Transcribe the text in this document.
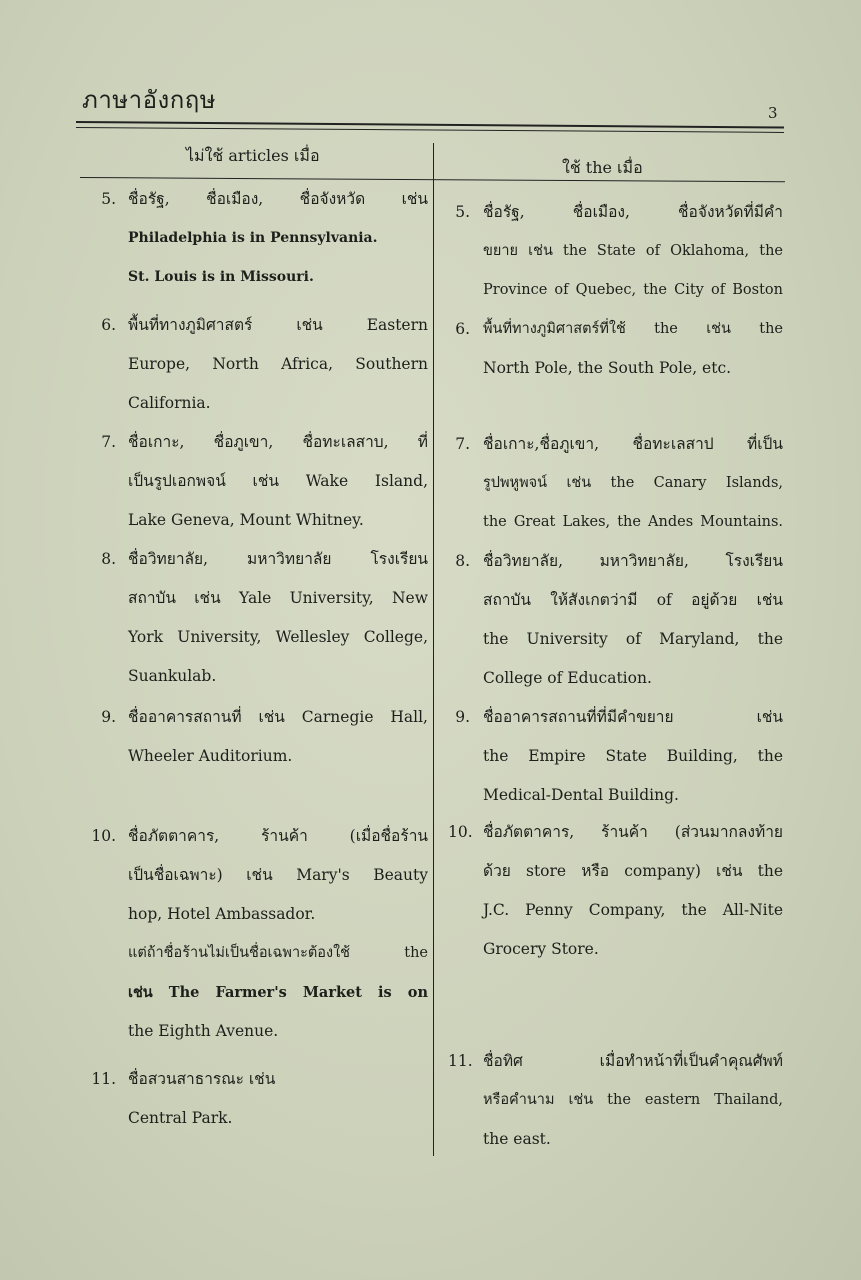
ภาษาอังกฤษ	3
ไม่ใช้ articles เมื่อ
ใช้ the เมื่อ
5. ชื่อรัฐ, ชื่อเมือง, ชื่อจังหวัด เช่น
Philadelphia is in Pennsylvania.
St. Louis is in Missouri.
6. พื้นที่ทางภูมิศาสตร์ เช่น Eastern
Europe, North Africa, Southern
California.
7. ชื่อเกาะ, ชื่อภูเขา, ชื่อทะเลสาบ, ที่
เป็นรูปเอกพจน์ เช่น Wake Island,
Lake Geneva, Mount Whitney.
8. ชื่อวิทยาลัย, มหาวิทยาลัย โรงเรียน
สถาบัน เช่น Yale University, New
York University, Wellesley College,
Suankulab.
9. ชื่ออาคารสถานที่ เช่น Carnegie Hall,
Wheeler Auditorium.
10. ชื่อภัตตาคาร, ร้านค้า (เมื่อชื่อร้าน
เป็นชื่อเฉพาะ) เช่น Mary's Beauty
hop, Hotel Ambassador.
แต่ถ้าชื่อร้านไม่เป็นชื่อเฉพาะต้องใช้ the
เช่น The Farmer's Market is on
the Eighth Avenue.
11. ชื่อสวนสาธารณะ เช่น
Central Park.
5. ชื่อรัฐ, ชื่อเมือง, ชื่อจังหวัดที่มีคำ
ขยาย เช่น the State of Oklahoma, the
Province of Quebec, the City of Boston
6. พื้นที่ทางภูมิศาสตร์ที่ใช้ the เช่น the
North Pole, the South Pole, etc.
7. ชื่อเกาะ,ชื่อภูเขา, ชื่อทะเลสาป ที่เป็น
รูปพหูพจน์ เช่น the Canary Islands,
the Great Lakes, the Andes Mountains.
8. ชื่อวิทยาลัย, มหาวิทยาลัย, โรงเรียน
สถาบัน ให้สังเกตว่ามี of อยู่ด้วย เช่น
the University of Maryland, the
College of Education.
9. ชื่ออาคารสถานที่ที่มีคำขยาย เช่น
the Empire State Building, the
Medical-Dental Building.
10. ชื่อภัตตาคาร, ร้านค้า (ส่วนมากลงท้าย
ด้วย store หรือ company) เช่น the
J.C. Penny Company, the All-Nite
Grocery Store.
11. ชื่อทิศ เมื่อทำหน้าที่เป็นคำคุณศัพท์
หรือคำนาม เช่น the eastern Thailand,
the east.
